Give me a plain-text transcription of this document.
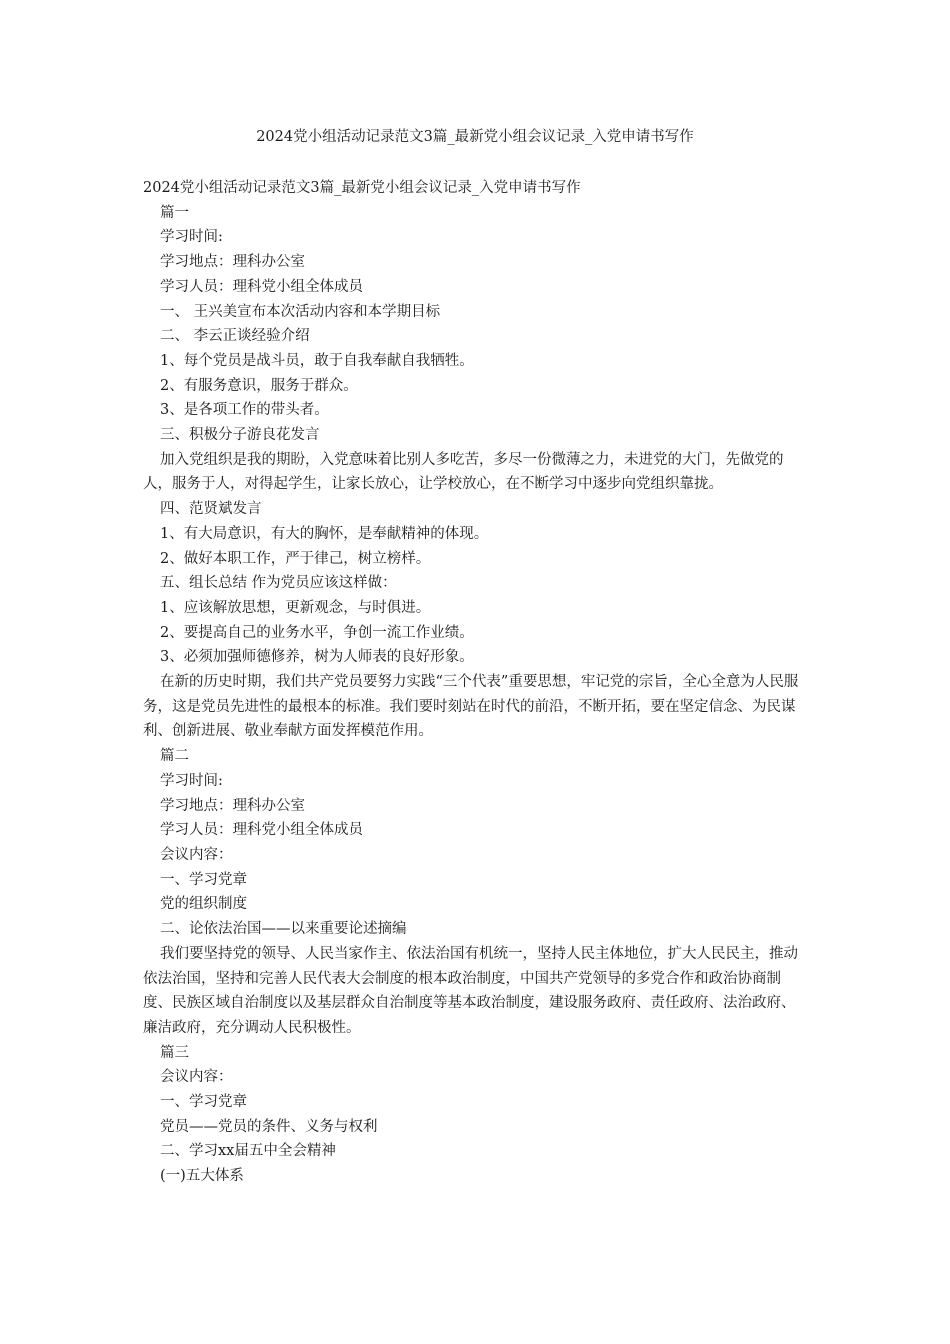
2024党小组活动记录范文3篇_最新党小组会议记录_入党申请书写作

2024党小组活动记录范文3篇_最新党小组会议记录_入党申请书写作

篇一

学习时间:

学习地点：理科办公室

学习人员：理科党小组全体成员

一、 王兴美宣布本次活动内容和本学期目标

二、 李云正谈经验介绍

1、每个党员是战斗员，敢于自我奉献自我牺牲。

2、有服务意识，服务于群众。

3、是各项工作的带头者。

三、积极分子游良花发言

加入党组织是我的期盼，入党意味着比别人多吃苦，多尽一份微薄之力，未进党的大门，先做党的人，服务于人，对得起学生，让家长放心，让学校放心，在不断学习中逐步向党组织靠拢。

四、范贤斌发言

1、有大局意识，有大的胸怀，是奉献精神的体现。

2、做好本职工作，严于律己，树立榜样。

五、组长总结 作为党员应该这样做：

1、应该解放思想，更新观念，与时俱进。

2、要提高自己的业务水平，争创一流工作业绩。

3、必须加强师德修养，树为人师表的良好形象。

在新的历史时期，我们共产党员要努力实践“三个代表”重要思想，牢记党的宗旨，全心全意为人民服务，这是党员先进性的最根本的标准。我们要时刻站在时代的前沿，不断开拓，要在坚定信念、为民谋利、创新进展、敬业奉献方面发挥模范作用。

篇二

学习时间:

学习地点：理科办公室

学习人员：理科党小组全体成员

会议内容：

一、学习党章

党的组织制度

二、论依法治国——以来重要论述摘编

我们要坚持党的领导、人民当家作主、依法治国有机统一，坚持人民主体地位，扩大人民民主，推动依法治国，坚持和完善人民代表大会制度的根本政治制度，中国共产党领导的多党合作和政治协商制度、民族区域自治制度以及基层群众自治制度等基本政治制度，建设服务政府、责任政府、法治政府、廉洁政府，充分调动人民积极性。

篇三

会议内容：

一、学习党章

党员——党员的条件、义务与权利

二、学习xx届五中全会精神

(一)五大体系
